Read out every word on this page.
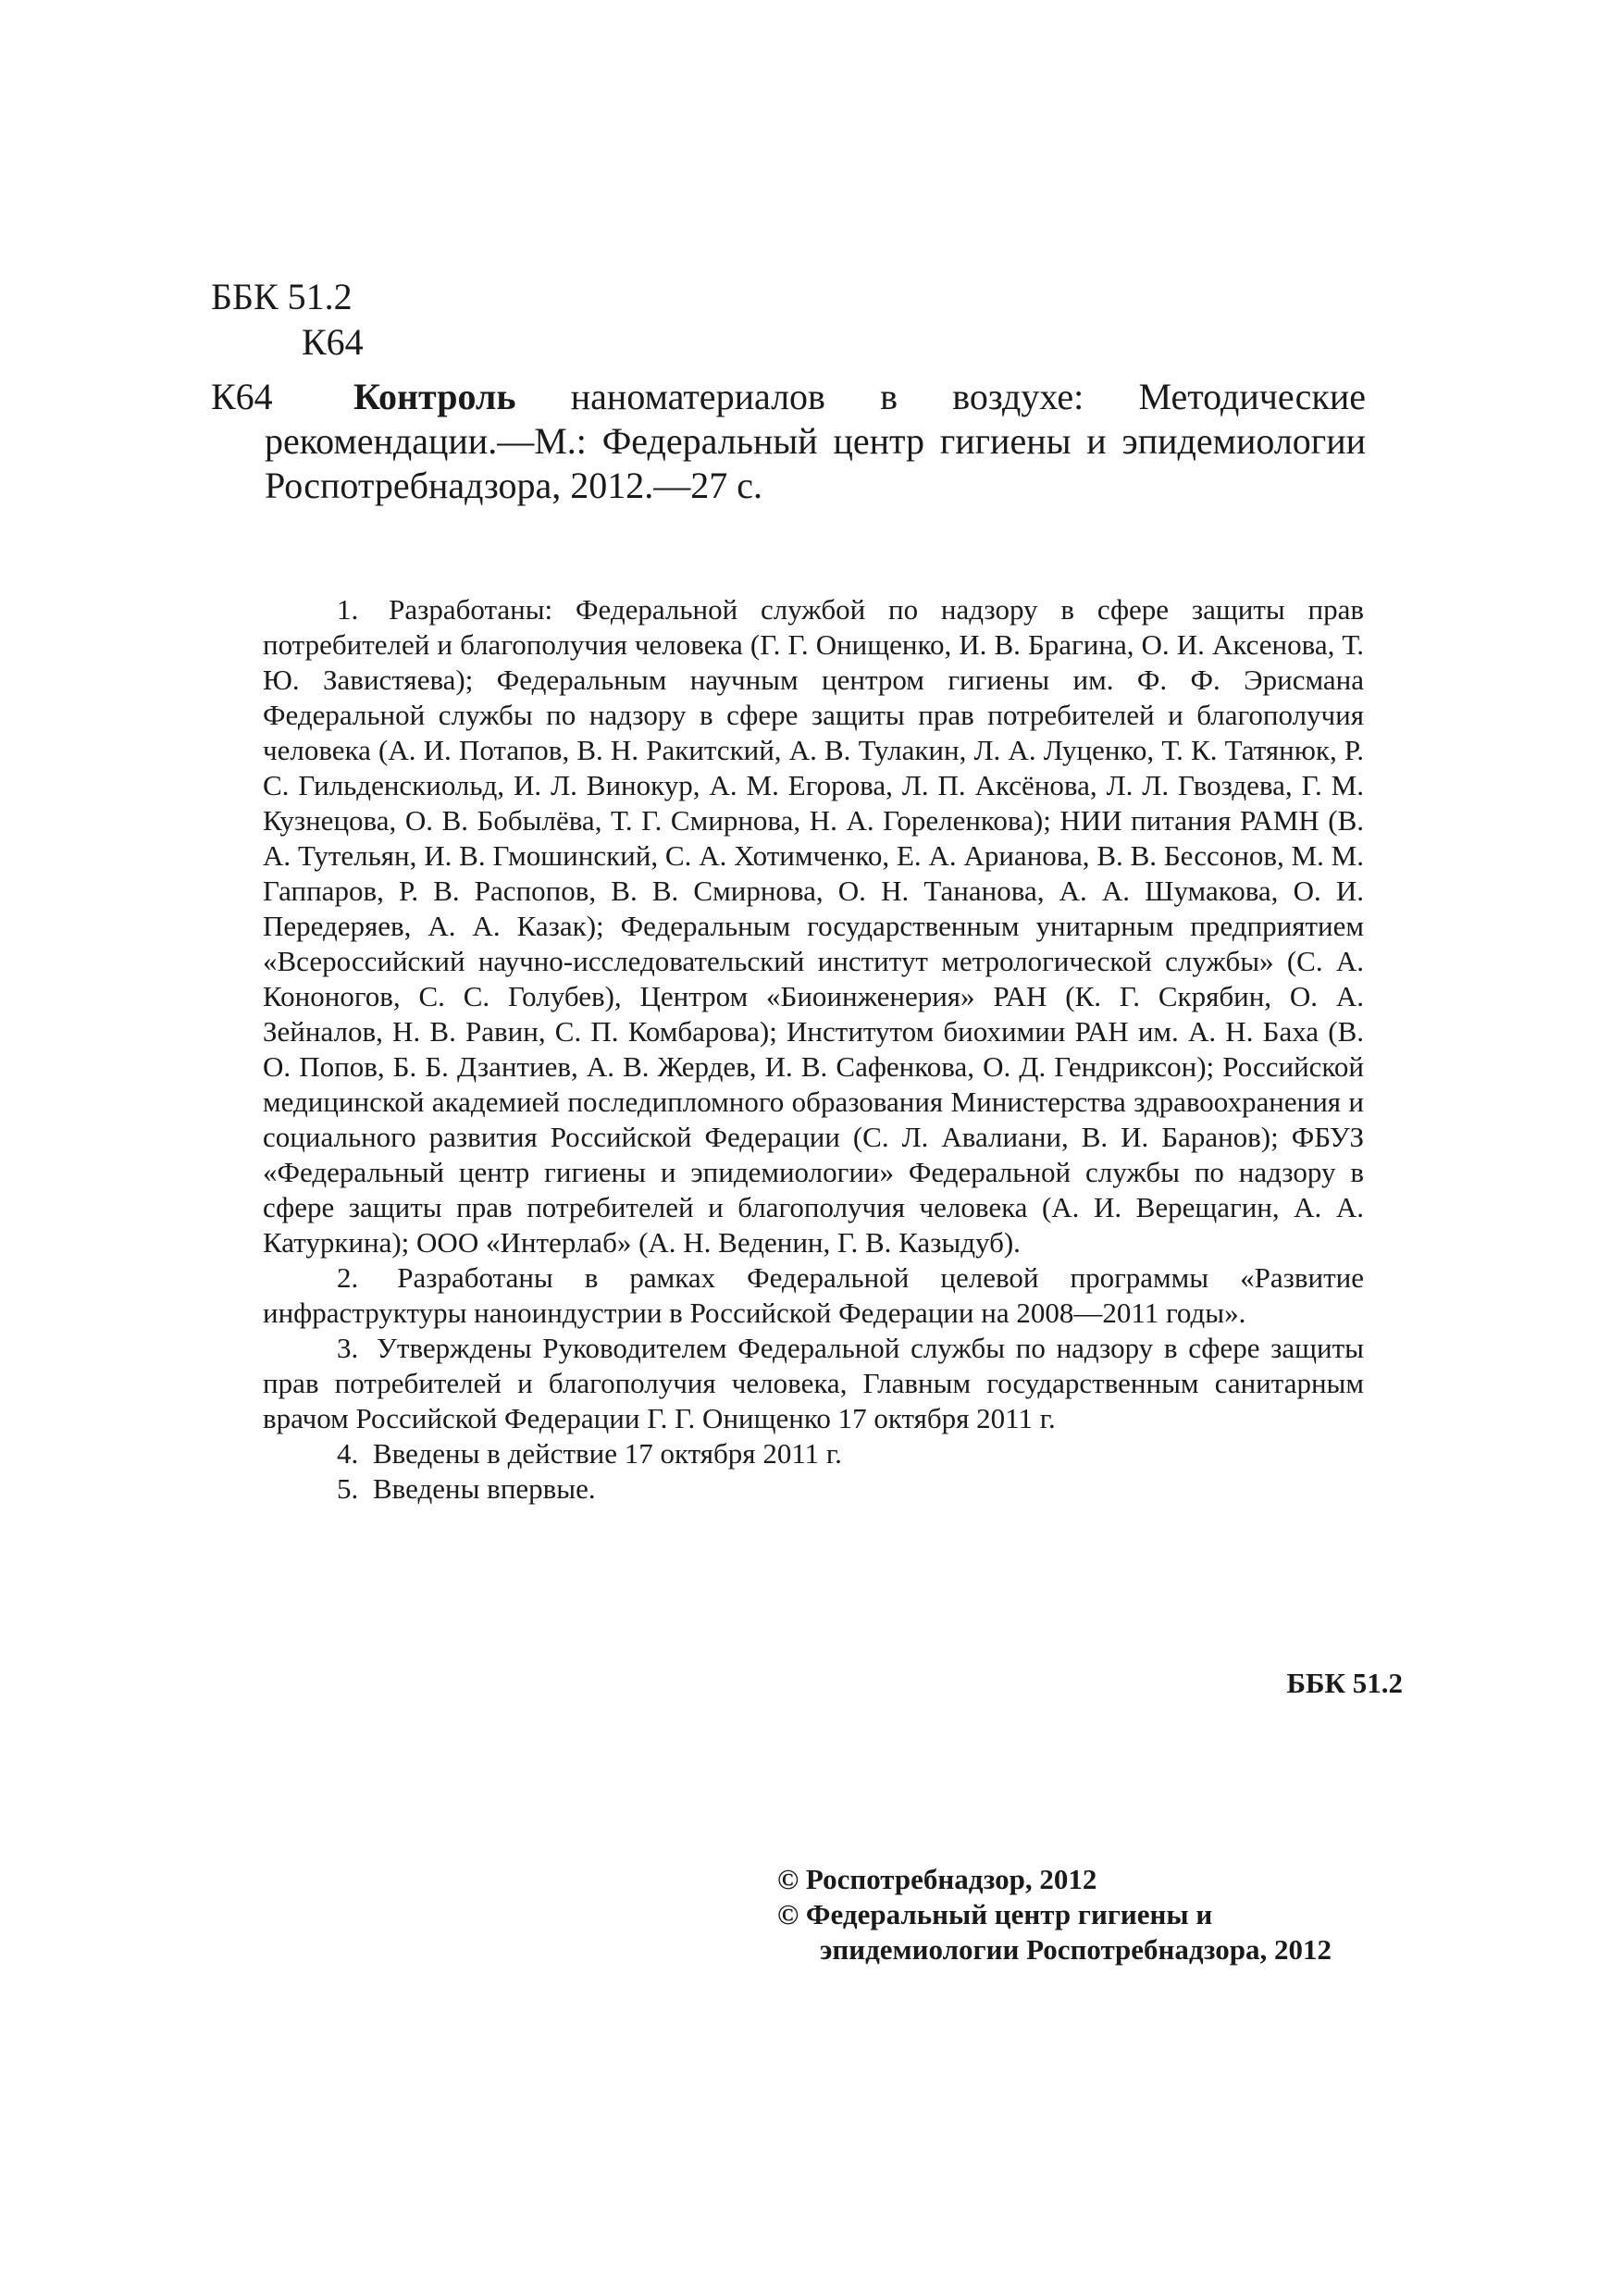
ББК 51.2
К64
К64	Контроль наноматериалов в воздухе: Методические рекомендации.—М.: Федеральный центр гигиены и эпидемиологии Роспотребнадзора, 2012.—27 с.

1. Разработаны: Федеральной службой по надзору в сфере защиты прав потребителей и благополучия человека (Г. Г. Онищенко, И. В. Брагина, О. И. Аксенова, Т. Ю. Завистяева); Федеральным научным центром гигиены им. Ф. Ф. Эрисмана Федеральной службы по надзору в сфере защиты прав потребителей и благополучия человека (А. И. Потапов, В. Н. Ракитский, А. В. Тулакин, Л. А. Луценко, Т. К. Татянюк, Р. С. Гильденскиольд, И. Л. Винокур, А. М. Егорова, Л. П. Аксёнова, Л. Л. Гвоздева, Г. М. Кузнецова, О. В. Бобылёва, Т. Г. Смирнова, Н. А. Гореленкова); НИИ питания РАМН (В. А. Тутельян, И. В. Гмошинский, С. А. Хотимченко, Е. А. Арианова, В. В. Бессонов, М. М. Гаппаров, Р. В. Распопов, В. В. Смирнова, О. Н. Тананова, А. А. Шумакова, О. И. Передеряев, А. А. Казак); Федеральным государственным унитарным предприятием «Всероссийский научно-исследовательский институт метрологической службы» (С. А. Кононогов, С. С. Голубев), Центром «Биоинженерия» РАН (К. Г. Скрябин, О. А. Зейналов, Н. В. Равин, С. П. Комбарова); Институтом биохимии РАН им. А. Н. Баха (В. О. Попов, Б. Б. Дзантиев, А. В. Жердев, И. В. Сафенкова, О. Д. Гендриксон); Российской медицинской академией последипломного образования Министерства здравоохранения и социального развития Российской Федерации (С. Л. Авалиани, В. И. Баранов); ФБУЗ «Федеральный центр гигиены и эпидемиологии» Федеральной службы по надзору в сфере защиты прав потребителей и благополучия человека (А. И. Верещагин, А. А. Катуркина); ООО «Интерлаб» (А. Н. Веденин, Г. В. Казыдуб).

2. Разработаны в рамках Федеральной целевой программы «Развитие инфраструктуры наноиндустрии в Российской Федерации на 2008—2011 годы».

3. Утверждены Руководителем Федеральной службы по надзору в сфере защиты прав потребителей и благополучия человека, Главным государственным санитарным врачом Российской Федерации Г. Г. Онищенко 17 октября 2011 г.

4. Введены в действие 17 октября 2011 г.

5. Введены впервые.

ББК 51.2
© Роспотребнадзор, 2012
© Федеральный центр гигиены и эпидемиологии Роспотребнадзора, 2012
